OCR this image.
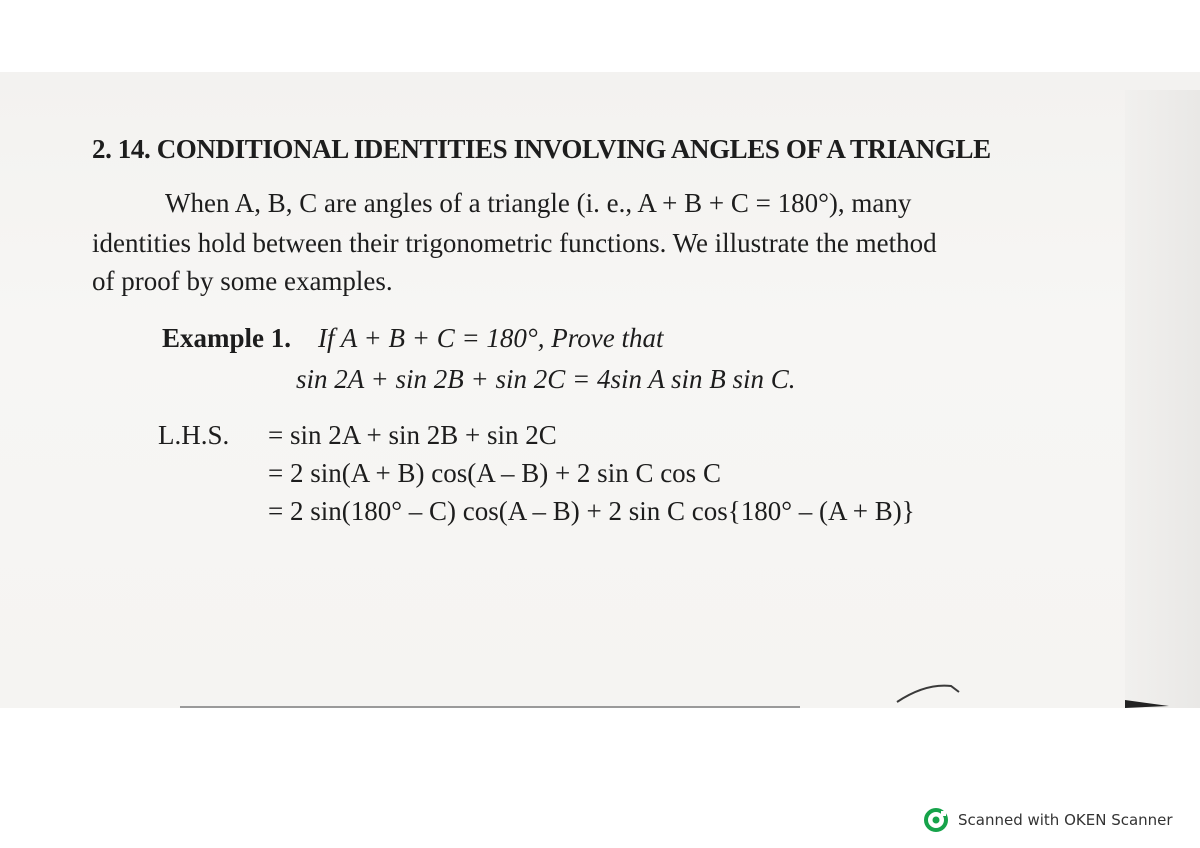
2. 14. CONDITIONAL IDENTITIES INVOLVING ANGLES OF A TRIANGLE
When A, B, C are angles of a triangle (i. e., A + B + C = 180°), many
identities hold between their trigonometric functions. We illustrate the method
of proof by some examples.
Example 1. If A + B + C = 180°, Prove that
sin 2A + sin 2B + sin 2C = 4sin A sin B sin C.
L.H.S. = sin 2A + sin 2B + sin 2C
= 2 sin(A + B) cos(A – B) + 2 sin C cos C
= 2 sin(180° – C) cos(A – B) + 2 sin C cos{180° – (A + B)}
Scanned with OKEN Scanner
